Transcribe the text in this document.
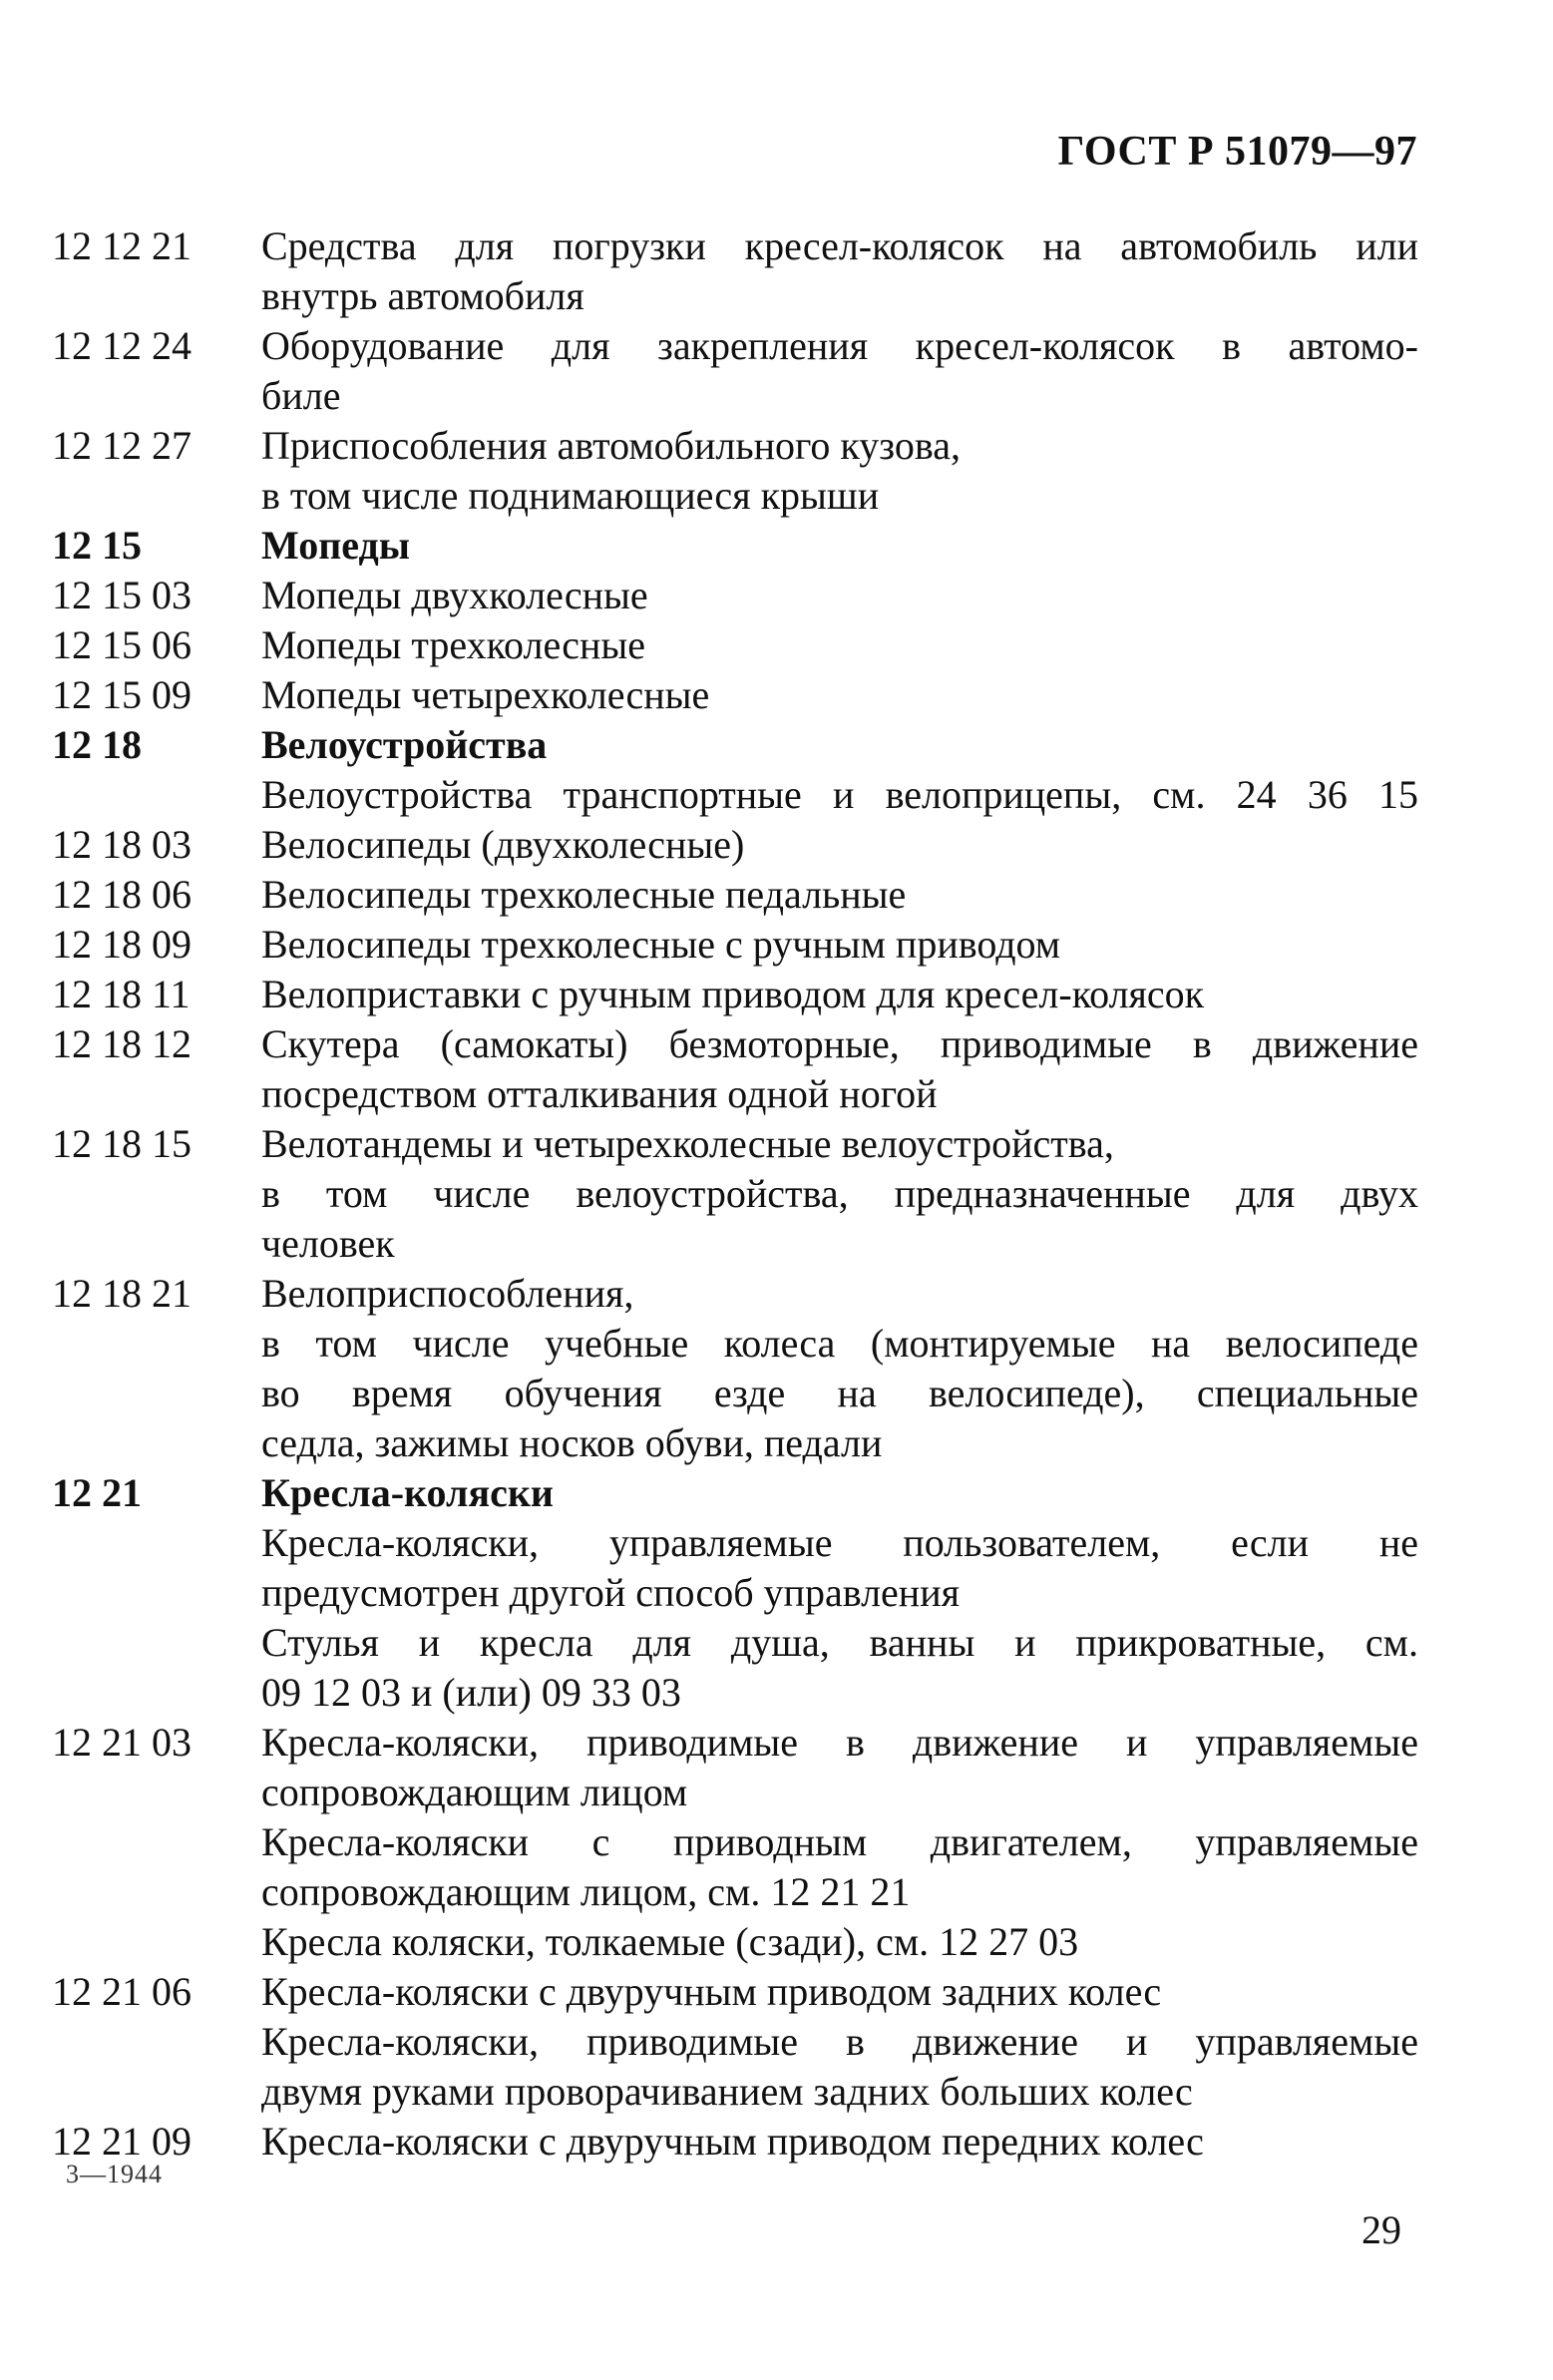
ГОСТ Р 51079—97
12 12 21	Средства для погрузки кресел-колясок на автомобиль или
внутрь автомобиля
12 12 24	Оборудование для закрепления кресел-колясок в автомо-
биле
12 12 27	Приспособления автомобильного кузова,
в том числе поднимающиеся крыши
12 15	Мопеды
12 15 03	Мопеды двухколесные
12 15 06	Мопеды трехколесные
12 15 09	Мопеды четырехколесные
12 18	Велоустройства
Велоустройства транспортные и велоприцепы, см. 24 36 15
12 18 03	Велосипеды (двухколесные)
12 18 06	Велосипеды трехколесные педальные
12 18 09	Велосипеды трехколесные с ручным приводом
12 18 11	Велоприставки с ручным приводом для кресел-колясок
12 18 12	Скутера (самокаты) безмоторные, приводимые в движение
посредством отталкивания одной ногой
12 18 15	Велотандемы и четырехколесные велоустройства,
в том числе велоустройства, предназначенные для двух
человек
12 18 21	Велоприспособления,
в том числе учебные колеса (монтируемые на велосипеде
во время обучения езде на велосипеде), специальные
седла, зажимы носков обуви, педали
12 21	Кресла-коляски
Кресла-коляски, управляемые пользователем, если не
предусмотрен другой способ управления
Стулья и кресла для душа, ванны и прикроватные, см.
09 12 03 и (или) 09 33 03
12 21 03	Кресла-коляски, приводимые в движение и управляемые
сопровождающим лицом
Кресла-коляски с приводным двигателем, управляемые
сопровождающим лицом, см. 12 21 21
Кресла коляски, толкаемые (сзади), см. 12 27 03
12 21 06	Кресла-коляски с двуручным приводом задних колес
Кресла-коляски, приводимые в движение и управляемые
двумя руками проворачиванием задних больших колес
12 21 09	Кресла-коляски с двуручным приводом передних колес
3—1944
29
